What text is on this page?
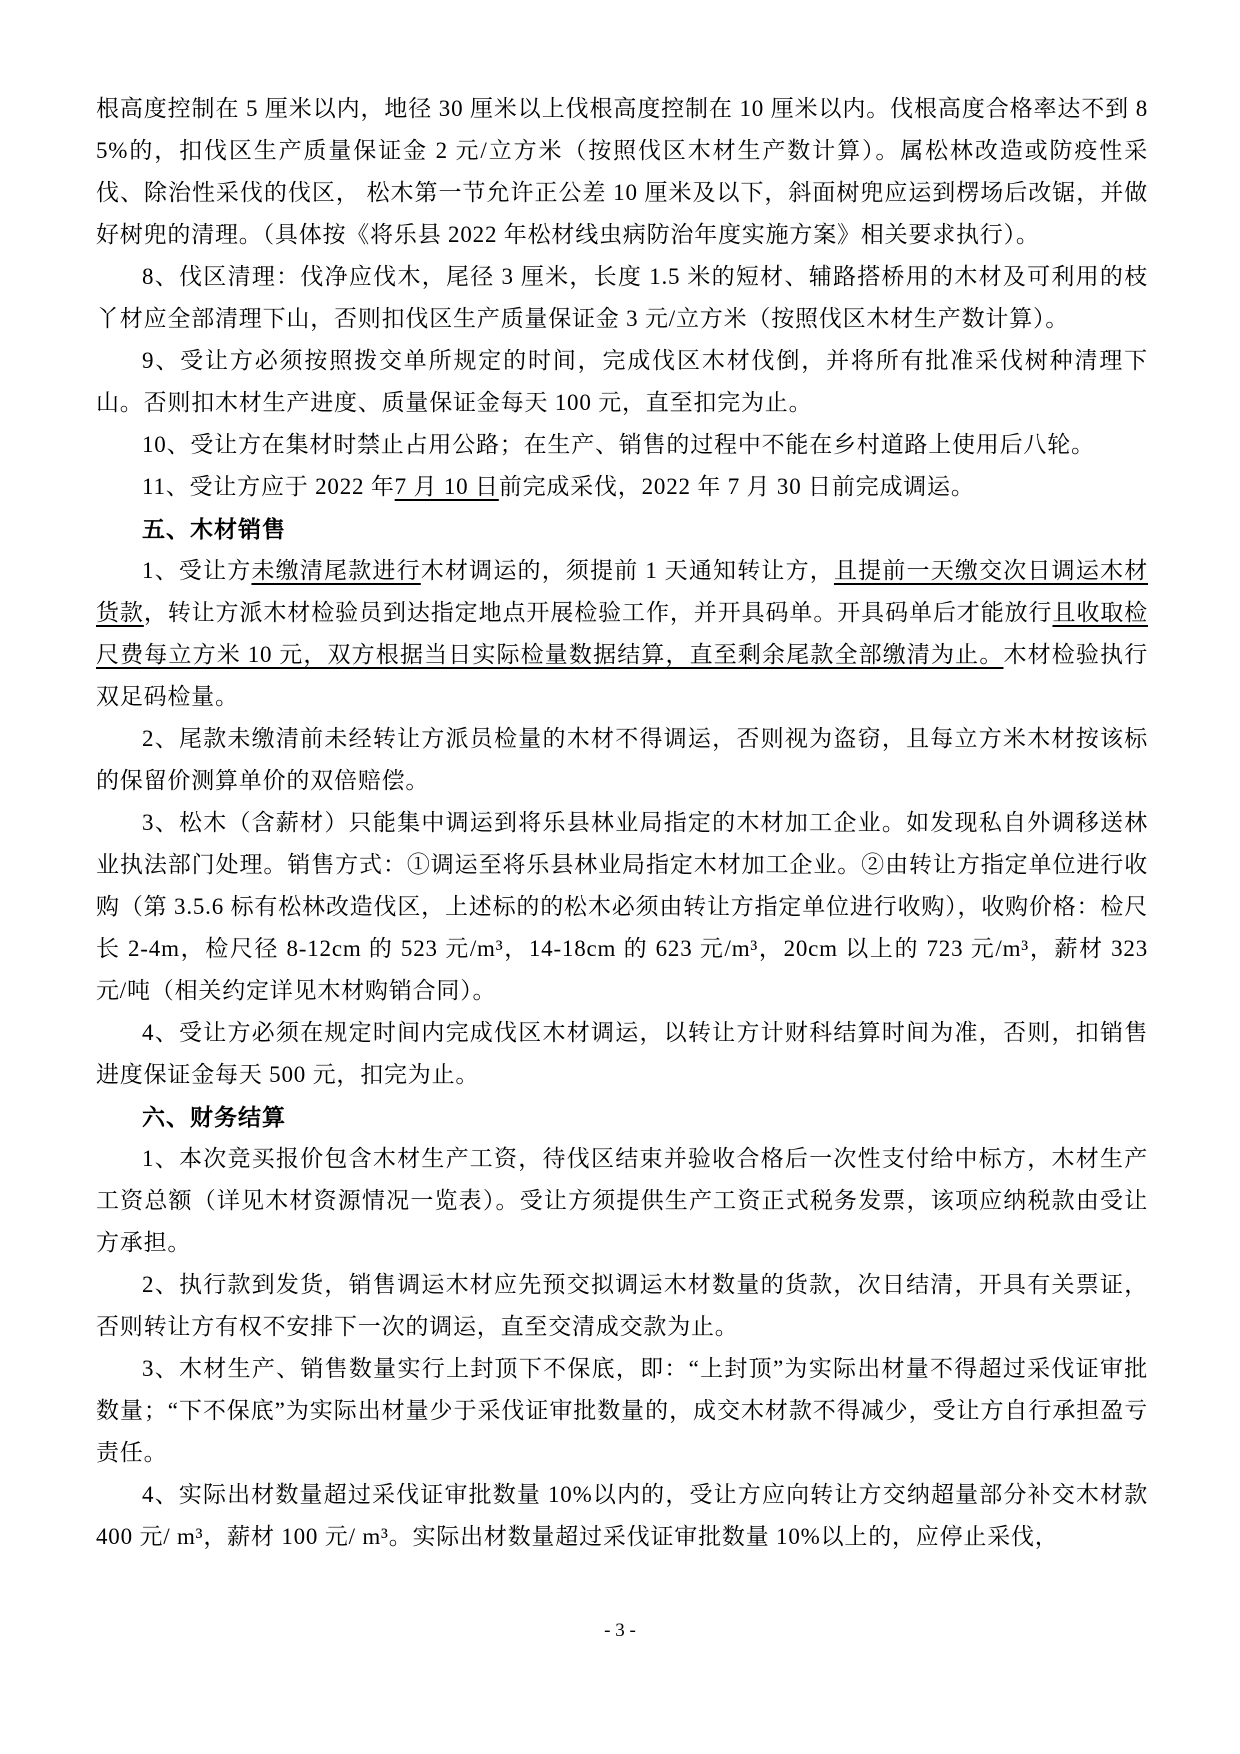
根高度控制在 5 厘米以内，地径 30 厘米以上伐根高度控制在 10 厘米以内。伐根高度合格率达不到 85%的，扣伐区生产质量保证金 2 元/立方米（按照伐区木材生产数计算）。属松林改造或防疫性采伐、除治性采伐的伐区， 松木第一节允许正公差 10 厘米及以下，斜面树兜应运到楞场后改锯，并做好树兜的清理。（具体按《将乐县 2022 年松材线虫病防治年度实施方案》相关要求执行）。

8、伐区清理：伐净应伐木，尾径 3 厘米，长度 1.5 米的短材、辅路搭桥用的木材及可利用的枝丫材应全部清理下山，否则扣伐区生产质量保证金 3 元/立方米（按照伐区木材生产数计算）。

9、受让方必须按照拨交单所规定的时间，完成伐区木材伐倒，并将所有批准采伐树种清理下山。否则扣木材生产进度、质量保证金每天 100 元，直至扣完为止。

10、受让方在集材时禁止占用公路；在生产、销售的过程中不能在乡村道路上使用后八轮。

11、受让方应于 2022 年7 月 10 日前完成采伐，2022 年 7 月 30 日前完成调运。

五、木材销售

1、受让方未缴清尾款进行木材调运的，须提前 1 天通知转让方，且提前一天缴交次日调运木材货款，转让方派木材检验员到达指定地点开展检验工作，并开具码单。开具码单后才能放行且收取检尺费每立方米 10 元，双方根据当日实际检量数据结算，直至剩余尾款全部缴清为止。木材检验执行双足码检量。

2、尾款未缴清前未经转让方派员检量的木材不得调运，否则视为盗窃，且每立方米木材按该标的保留价测算单价的双倍赔偿。

3、松木（含薪材）只能集中调运到将乐县林业局指定的木材加工企业。如发现私自外调移送林业执法部门处理。销售方式：①调运至将乐县林业局指定木材加工企业。②由转让方指定单位进行收购（第 3.5.6 标有松林改造伐区，上述标的的松木必须由转让方指定单位进行收购），收购价格：检尺长 2-4m，检尺径 8-12cm 的 523 元/m³，14-18cm 的 623 元/m³，20cm 以上的 723 元/m³，薪材 323 元/吨（相关约定详见木材购销合同）。

4、受让方必须在规定时间内完成伐区木材调运，以转让方计财科结算时间为准，否则，扣销售进度保证金每天 500 元，扣完为止。

六、财务结算

1、本次竞买报价包含木材生产工资，待伐区结束并验收合格后一次性支付给中标方，木材生产工资总额（详见木材资源情况一览表）。受让方须提供生产工资正式税务发票，该项应纳税款由受让方承担。

2、执行款到发货，销售调运木材应先预交拟调运木材数量的货款，次日结清，开具有关票证，否则转让方有权不安排下一次的调运，直至交清成交款为止。

3、木材生产、销售数量实行上封顶下不保底，即：“上封顶”为实际出材量不得超过采伐证审批数量；“下不保底”为实际出材量少于采伐证审批数量的，成交木材款不得减少，受让方自行承担盈亏责任。

4、实际出材数量超过采伐证审批数量 10%以内的，受让方应向转让方交纳超量部分补交木材款 400 元/ m³，薪材 100 元/ m³。实际出材数量超过采伐证审批数量 10%以上的，应停止采伐，

- 3 -
